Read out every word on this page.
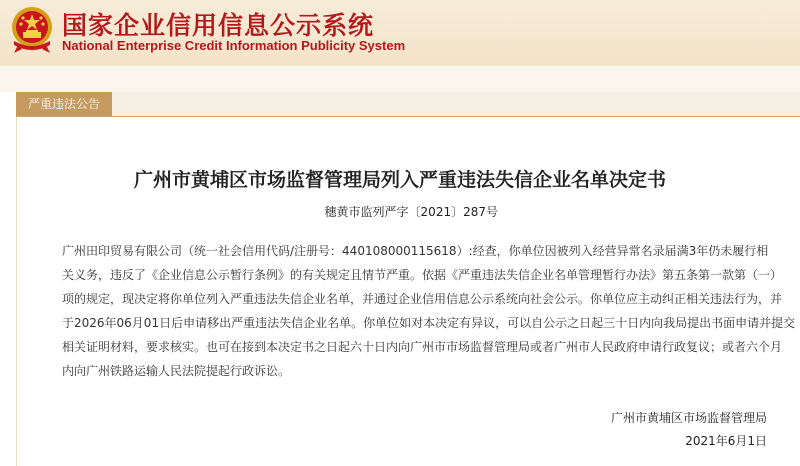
国家企业信用信息公示系统
National Enterprise Credit Information Publicity System
严重违法公告
广州市黄埔区市场监督管理局列入严重违法失信企业名单决定书
穗黄市监列严字〔2021〕287号
广州田印贸易有限公司（统一社会信用代码/注册号：440108000115618）:经查，你单位因被列入经营异常名录届满3年仍未履行相
关义务，违反了《企业信息公示暂行条例》的有关规定且情节严重。依据《严重违法失信企业名单管理暂行办法》第五条第一款第（一）
项的规定，现决定将你单位列入严重违法失信企业名单，并通过企业信用信息公示系统向社会公示。你单位应主动纠正相关违法行为，并
于2026年06月01日后申请移出严重违法失信企业名单。你单位如对本决定有异议，可以自公示之日起三十日内向我局提出书面申请并提交
相关证明材料，要求核实。也可在接到本决定书之日起六十日内向广州市市场监督管理局或者广州市人民政府申请行政复议；或者六个月
内向广州铁路运输人民法院提起行政诉讼。
广州市黄埔区市场监督管理局
2021年6月1日
